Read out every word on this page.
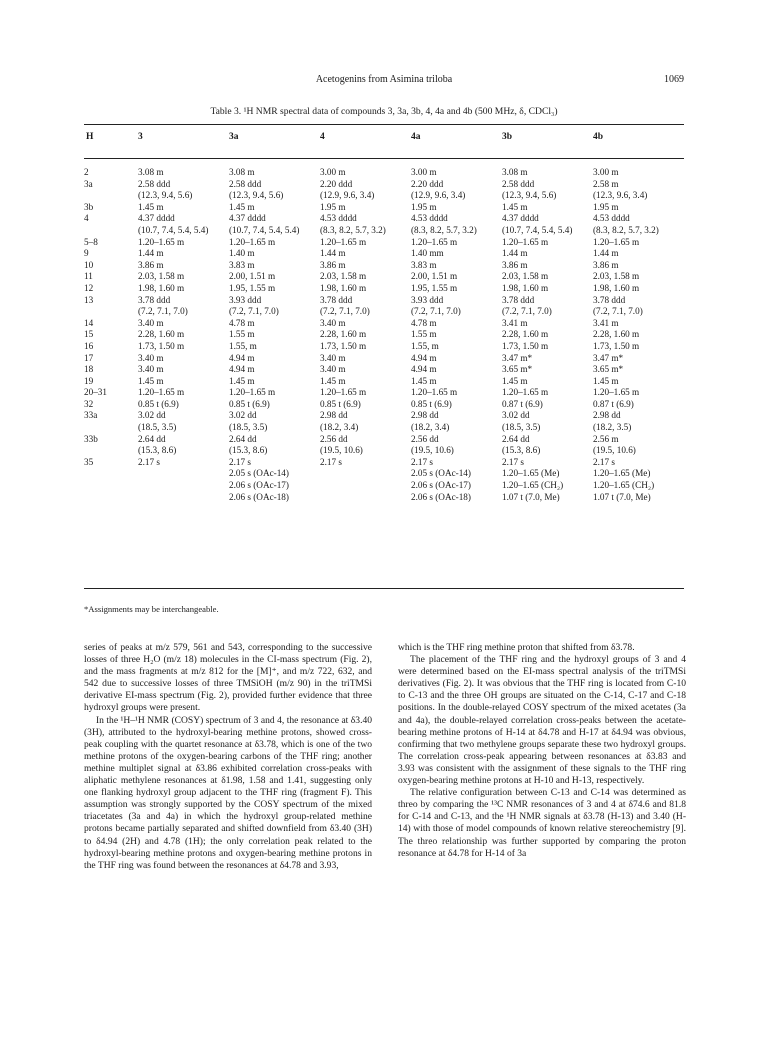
Acetogenins from Asimina triloba	1069
Table 3. ¹H NMR spectral data of compounds 3, 3a, 3b, 4, 4a and 4b (500 MHz, δ, CDCl₃)
H	3	3a	4	4a	3b	4b
2	3.08 m	3.08 m	3.00 m	3.00 m	3.08 m	3.00 m
3a	2.58 ddd	2.58 ddd	2.20 ddd	2.20 ddd	2.58 ddd	2.58 m
	(12.3, 9.4, 5.6)	(12.3, 9.4, 5.6)	(12.9, 9.6, 3.4)	(12.9, 9.6, 3.4)	(12.3, 9.4, 5.6)	(12.3, 9.6, 3.4)
3b	1.45 m	1.45 m	1.95 m	1.95 m	1.45 m	1.95 m
4	4.37 dddd	4.37 dddd	4.53 dddd	4.53 dddd	4.37 dddd	4.53 dddd
	(10.7, 7.4, 5.4, 5.4)	(10.7, 7.4, 5.4, 5.4)	(8.3, 8.2, 5.7, 3.2)	(8.3, 8.2, 5.7, 3.2)	(10.7, 7.4, 5.4, 5.4)	(8.3, 8.2, 5.7, 3.2)
5–8	1.20–1.65 m	1.20–1.65 m	1.20–1.65 m	1.20–1.65 m	1.20–1.65 m	1.20–1.65 m
9	1.44 m	1.40 m	1.44 m	1.40 mm	1.44 m	1.44 m
10	3.86 m	3.83 m	3.86 m	3.83 m	3.86 m	3.86 m
11	2.03, 1.58 m	2.00, 1.51 m	2.03, 1.58 m	2.00, 1.51 m	2.03, 1.58 m	2.03, 1.58 m
12	1.98, 1.60 m	1.95, 1.55 m	1.98, 1.60 m	1.95, 1.55 m	1.98, 1.60 m	1.98, 1.60 m
13	3.78 ddd	3.93 ddd	3.78 ddd	3.93 ddd	3.78 ddd	3.78 ddd
	(7.2, 7.1, 7.0)	(7.2, 7.1, 7.0)	(7.2, 7.1, 7.0)	(7.2, 7.1, 7.0)	(7.2, 7.1, 7.0)	(7.2, 7.1, 7.0)
14	3.40 m	4.78 m	3.40 m	4.78 m	3.41 m	3.41 m
15	2.28, 1.60 m	1.55 m	2.28, 1.60 m	1.55 m	2.28, 1.60 m	2.28, 1.60 m
16	1.73, 1.50 m	1.55, m	1.73, 1.50 m	1.55, m	1.73, 1.50 m	1.73, 1.50 m
17	3.40 m	4.94 m	3.40 m	4.94 m	3.47 m*	3.47 m*
18	3.40 m	4.94 m	3.40 m	4.94 m	3.65 m*	3.65 m*
19	1.45 m	1.45 m	1.45 m	1.45 m	1.45 m	1.45 m
20–31	1.20–1.65 m	1.20–1.65 m	1.20–1.65 m	1.20–1.65 m	1.20–1.65 m	1.20–1.65 m
32	0.85 t (6.9)	0.85 t (6.9)	0.85 t (6.9)	0.85 t (6.9)	0.87 t (6.9)	0.87 t (6.9)
33a	3.02 dd	3.02 dd	2.98 dd	2.98 dd	3.02 dd	2.98 dd
	(18.5, 3.5)	(18.5, 3.5)	(18.2, 3.4)	(18.2, 3.4)	(18.5, 3.5)	(18.2, 3.5)
33b	2.64 dd	2.64 dd	2.56 dd	2.56 dd	2.64 dd	2.56 m
	(15.3, 8.6)	(15.3, 8.6)	(19.5, 10.6)	(19.5, 10.6)	(15.3, 8.6)	(19.5, 10.6)
35	2.17 s	2.17 s	2.17 s	2.17 s	2.17 s	2.17 s
		2.05 s (OAc-14)		2.05 s (OAc-14)	1.20–1.65 (Me)	1.20–1.65 (Me)
		2.06 s (OAc-17)		2.06 s (OAc-17)	1.20–1.65 (CH₂)	1.20–1.65 (CH₂)
		2.06 s (OAc-18)		2.06 s (OAc-18)	1.07 t (7.0, Me)	1.07 t (7.0, Me)
*Assignments may be interchangeable.

series of peaks at m/z 579, 561 and 543, corresponding to the successive losses of three H₂O (m/z 18) molecules in the CI-mass spectrum (Fig. 2), and the mass fragments at m/z 812 for the [M]⁺, and m/z 722, 632, and 542 due to successive losses of three TMSiOH (m/z 90) in the triTMSi derivative EI-mass spectrum (Fig. 2), provided further evidence that three hydroxyl groups were present.

In the ¹H–¹H NMR (COSY) spectrum of 3 and 4, the resonance at δ3.40 (3H), attributed to the hydroxyl-bearing methine protons, showed cross-peak coupling with the quartet resonance at δ3.78, which is one of the two methine protons of the oxygen-bearing carbons of the THF ring; another methine multiplet signal at δ3.86 exhibited correlation cross-peaks with aliphatic methylene resonances at δ1.98, 1.58 and 1.41, suggesting only one flanking hydroxyl group adjacent to the THF ring (fragment F). This assumption was strongly supported by the COSY spectrum of the mixed triacetates (3a and 4a) in which the hydroxyl group-related methine protons became partially separated and shifted downfield from δ3.40 (3H) to δ4.94 (2H) and 4.78 (1H); the only correlation peak related to the hydroxyl-bearing methine protons and oxygen-bearing methine protons in the THF ring was found between the resonances at δ4.78 and 3.93,

which is the THF ring methine proton that shifted from δ3.78.

The placement of the THF ring and the hydroxyl groups of 3 and 4 were determined based on the EI-mass spectral analysis of the triTMSi derivatives (Fig. 2). It was obvious that the THF ring is located from C-10 to C-13 and the three OH groups are situated on the C-14, C-17 and C-18 positions. In the double-relayed COSY spectrum of the mixed acetates (3a and 4a), the double-relayed correlation cross-peaks between the acetate-bearing methine protons of H-14 at δ4.78 and H-17 at δ4.94 was obvious, confirming that two methylene groups separate these two hydroxyl groups. The correlation cross-peak appearing between resonances at δ3.83 and 3.93 was consistent with the assignment of these signals to the THF ring oxygen-bearing methine protons at H-10 and H-13, respectively.

The relative configuration between C-13 and C-14 was determined as threo by comparing the ¹³C NMR resonances of 3 and 4 at δ74.6 and 81.8 for C-14 and C-13, and the ¹H NMR signals at δ3.78 (H-13) and 3.40 (H-14) with those of model compounds of known relative stereochemistry [9]. The threo relationship was further supported by comparing the proton resonance at δ4.78 for H-14 of 3a
